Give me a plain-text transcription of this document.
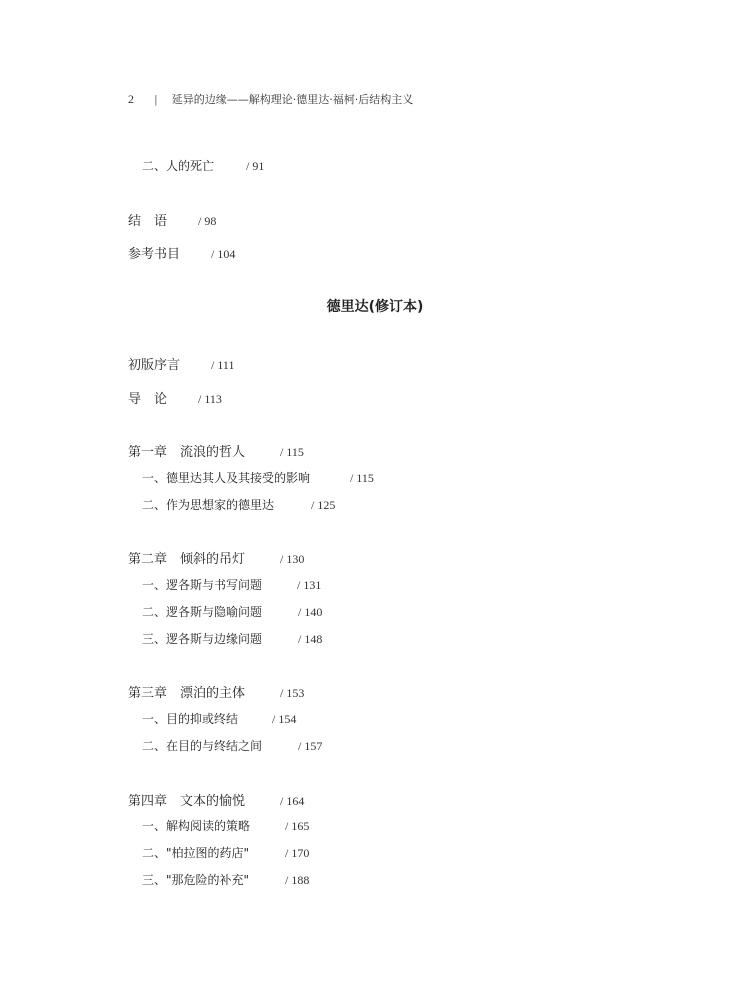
2 | 延异的边缘——解构理论·德里达·福柯·后结构主义
二、人的死亡	/ 91
结　语	/ 98
参考书目	/ 104
德里达(修订本)
初版序言	/ 111
导　论	/ 113
第一章　流浪的哲人	/ 115
一、德里达其人及其接受的影响	/ 115
二、作为思想家的德里达	/ 125
第二章　倾斜的吊灯	/ 130
一、逻各斯与书写问题	/ 131
二、逻各斯与隐喻问题	/ 140
三、逻各斯与边缘问题	/ 148
第三章　漂泊的主体	/ 153
一、目的抑或终结	/ 154
二、在目的与终结之间	/ 157
第四章　文本的愉悦	/ 164
一、解构阅读的策略	/ 165
二、"柏拉图的药店"	/ 170
三、"那危险的补充"	/ 188
